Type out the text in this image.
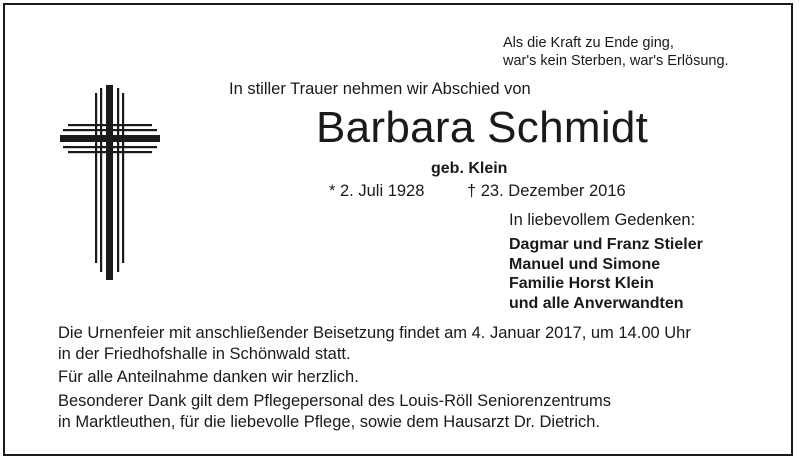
Als die Kraft zu Ende ging,
war's kein Sterben, war's Erlösung.
In stiller Trauer nehmen wir Abschied von
Barbara Schmidt
geb. Klein
* 2. Juli 1928	† 23. Dezember 2016
In liebevollem Gedenken:
Dagmar und Franz Stieler
Manuel und Simone
Familie Horst Klein
und alle Anverwandten
Die Urnenfeier mit anschließender Beisetzung findet am 4. Januar 2017, um 14.00 Uhr
in der Friedhofshalle in Schönwald statt.
Für alle Anteilnahme danken wir herzlich.
Besonderer Dank gilt dem Pflegepersonal des Louis-Röll Seniorenzentrums
in Marktleuthen, für die liebevolle Pflege, sowie dem Hausarzt Dr. Dietrich.
